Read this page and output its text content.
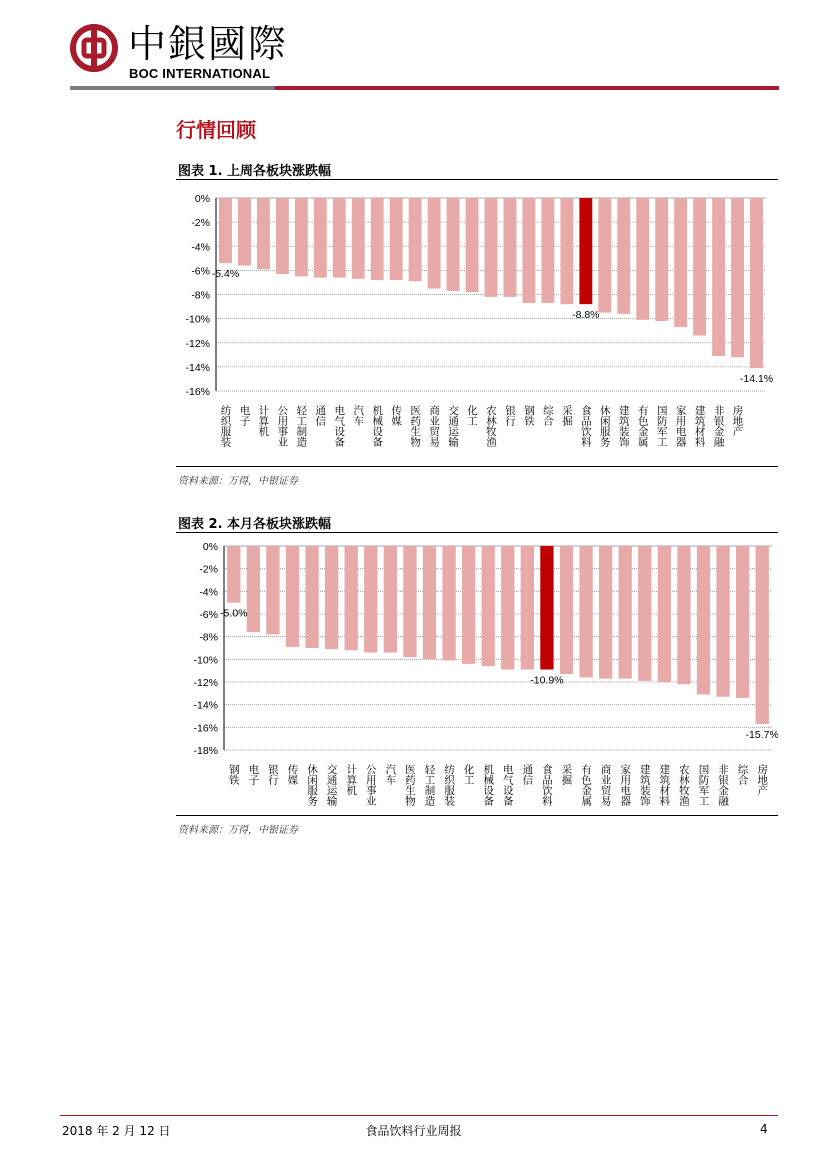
中銀國際
BOC INTERNATIONAL
行情回顾
图表 1. 上周各板块涨跌幅
0%
-2%
-4%
-6%
-8%
-10%
-12%
-14%
-16%
纺织服装 电子 计算机 公用事业 轻工制造 通信 电气设备 汽车 机械设备 传媒 医药生物 商业贸易 交通运输 化工 农林牧渔 银行 钢铁 综合 采掘 食品饮料 休闲服务 建筑装饰 有色金属 国防军工 家用电器 建筑材料 非银金融 房地产
-5.4%
-8.8%
-14.1%
资料来源：万得，中银证券
图表 2. 本月各板块涨跌幅
0%
-2%
-4%
-6%
-8%
-10%
-12%
-14%
-16%
-18%
钢铁 电子 银行 传媒 休闲服务 交通运输 计算机 公用事业 汽车 医药生物 轻工制造 纺织服装 化工 机械设备 电气设备 通信 食品饮料 采掘 有色金属 商业贸易 家用电器 建筑装饰 建筑材料 农林牧渔 国防军工 非银金融 综合 房地产
-5.0%
-10.9%
-15.7%
资料来源：万得，中银证券
2018 年 2 月 12 日	食品饮料行业周报	4
